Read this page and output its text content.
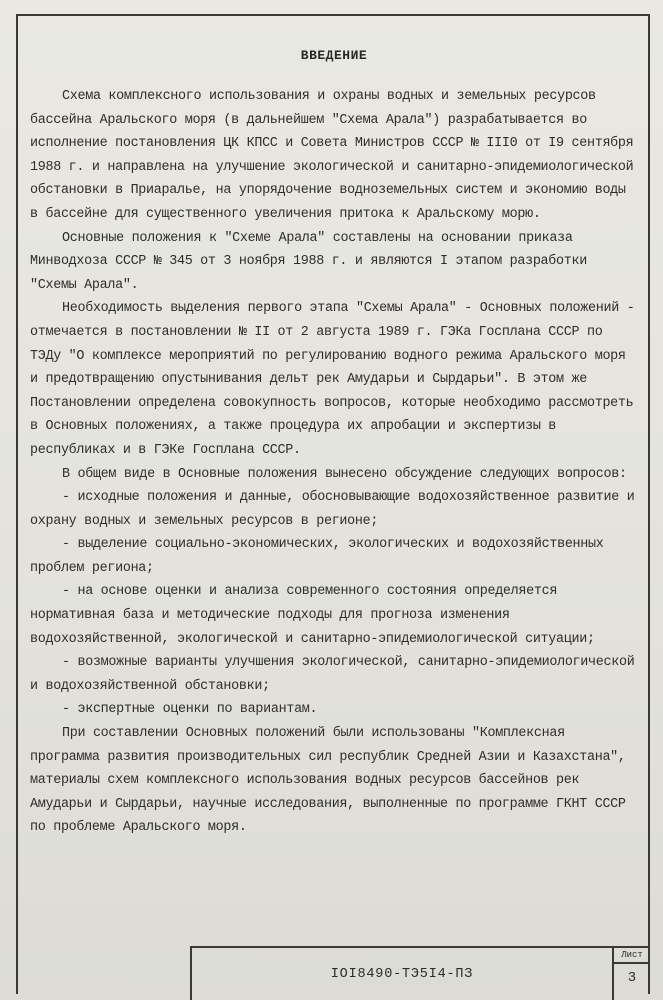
ВВЕДЕНИЕ

Схема комплексного использования и охраны водных и земельных ресурсов бассейна Аральского моря (в дальнейшем "Схема Арала") разрабатывается во исполнение постановления ЦК КПСС и Совета Министров СССР № III0 от I9 сентября 1988 г. и направлена на улучшение экологической и санитарно-эпидемиологической обстановки в Приаралье, на упорядочение водноземельных систем и экономию воды в бассейне для существенного увеличения притока к Аральскому морю.

Основные положения к "Схеме Арала" составлены на основании приказа Минводхоза СССР № 345 от 3 ноября 1988 г. и являются I этапом разработки "Схемы Арала".

Необходимость выделения первого этапа "Схемы Арала" - Основных положений - отмечается в постановлении № II от 2 августа 1989 г. ГЭКа Госплана СССР по ТЭДу "О комплексе мероприятий по регулированию водного режима Аральского моря и предотвращению опустынивания дельт рек Амударьи и Сырдарьи". В этом же Постановлении определена совокупность вопросов, которые необходимо рассмотреть в Основных положениях, а также процедура их апробации и экспертизы в республиках и в ГЭКе Госплана СССР.

В общем виде в Основные положения вынесено обсуждение следующих вопросов:

- исходные положения и данные, обосновывающие водохозяйственное развитие и охрану водных и земельных ресурсов в регионе;

- выделение социально-экономических, экологических и водохозяйственных проблем региона;

- на основе оценки и анализа современного состояния определяется нормативная база и методические подходы для прогноза изменения водохозяйственной, экологической и санитарно-эпидемиологической ситуации;

- возможные варианты улучшения экологической, санитарно-эпидемиологической и водохозяйственной обстановки;

- экспертные оценки по вариантам.

При составлении Основных положений были использованы "Комплексная программа развития производительных сил республик Средней Азии и Казахстана", материалы схем комплексного использования водных ресурсов бассейнов рек Амударьи и Сырдарьи, научные исследования, выполненные по программе ГКНТ СССР по проблеме Аральского моря.

IOI8490-ТЭ5I4-ПЗ
Лист
3
